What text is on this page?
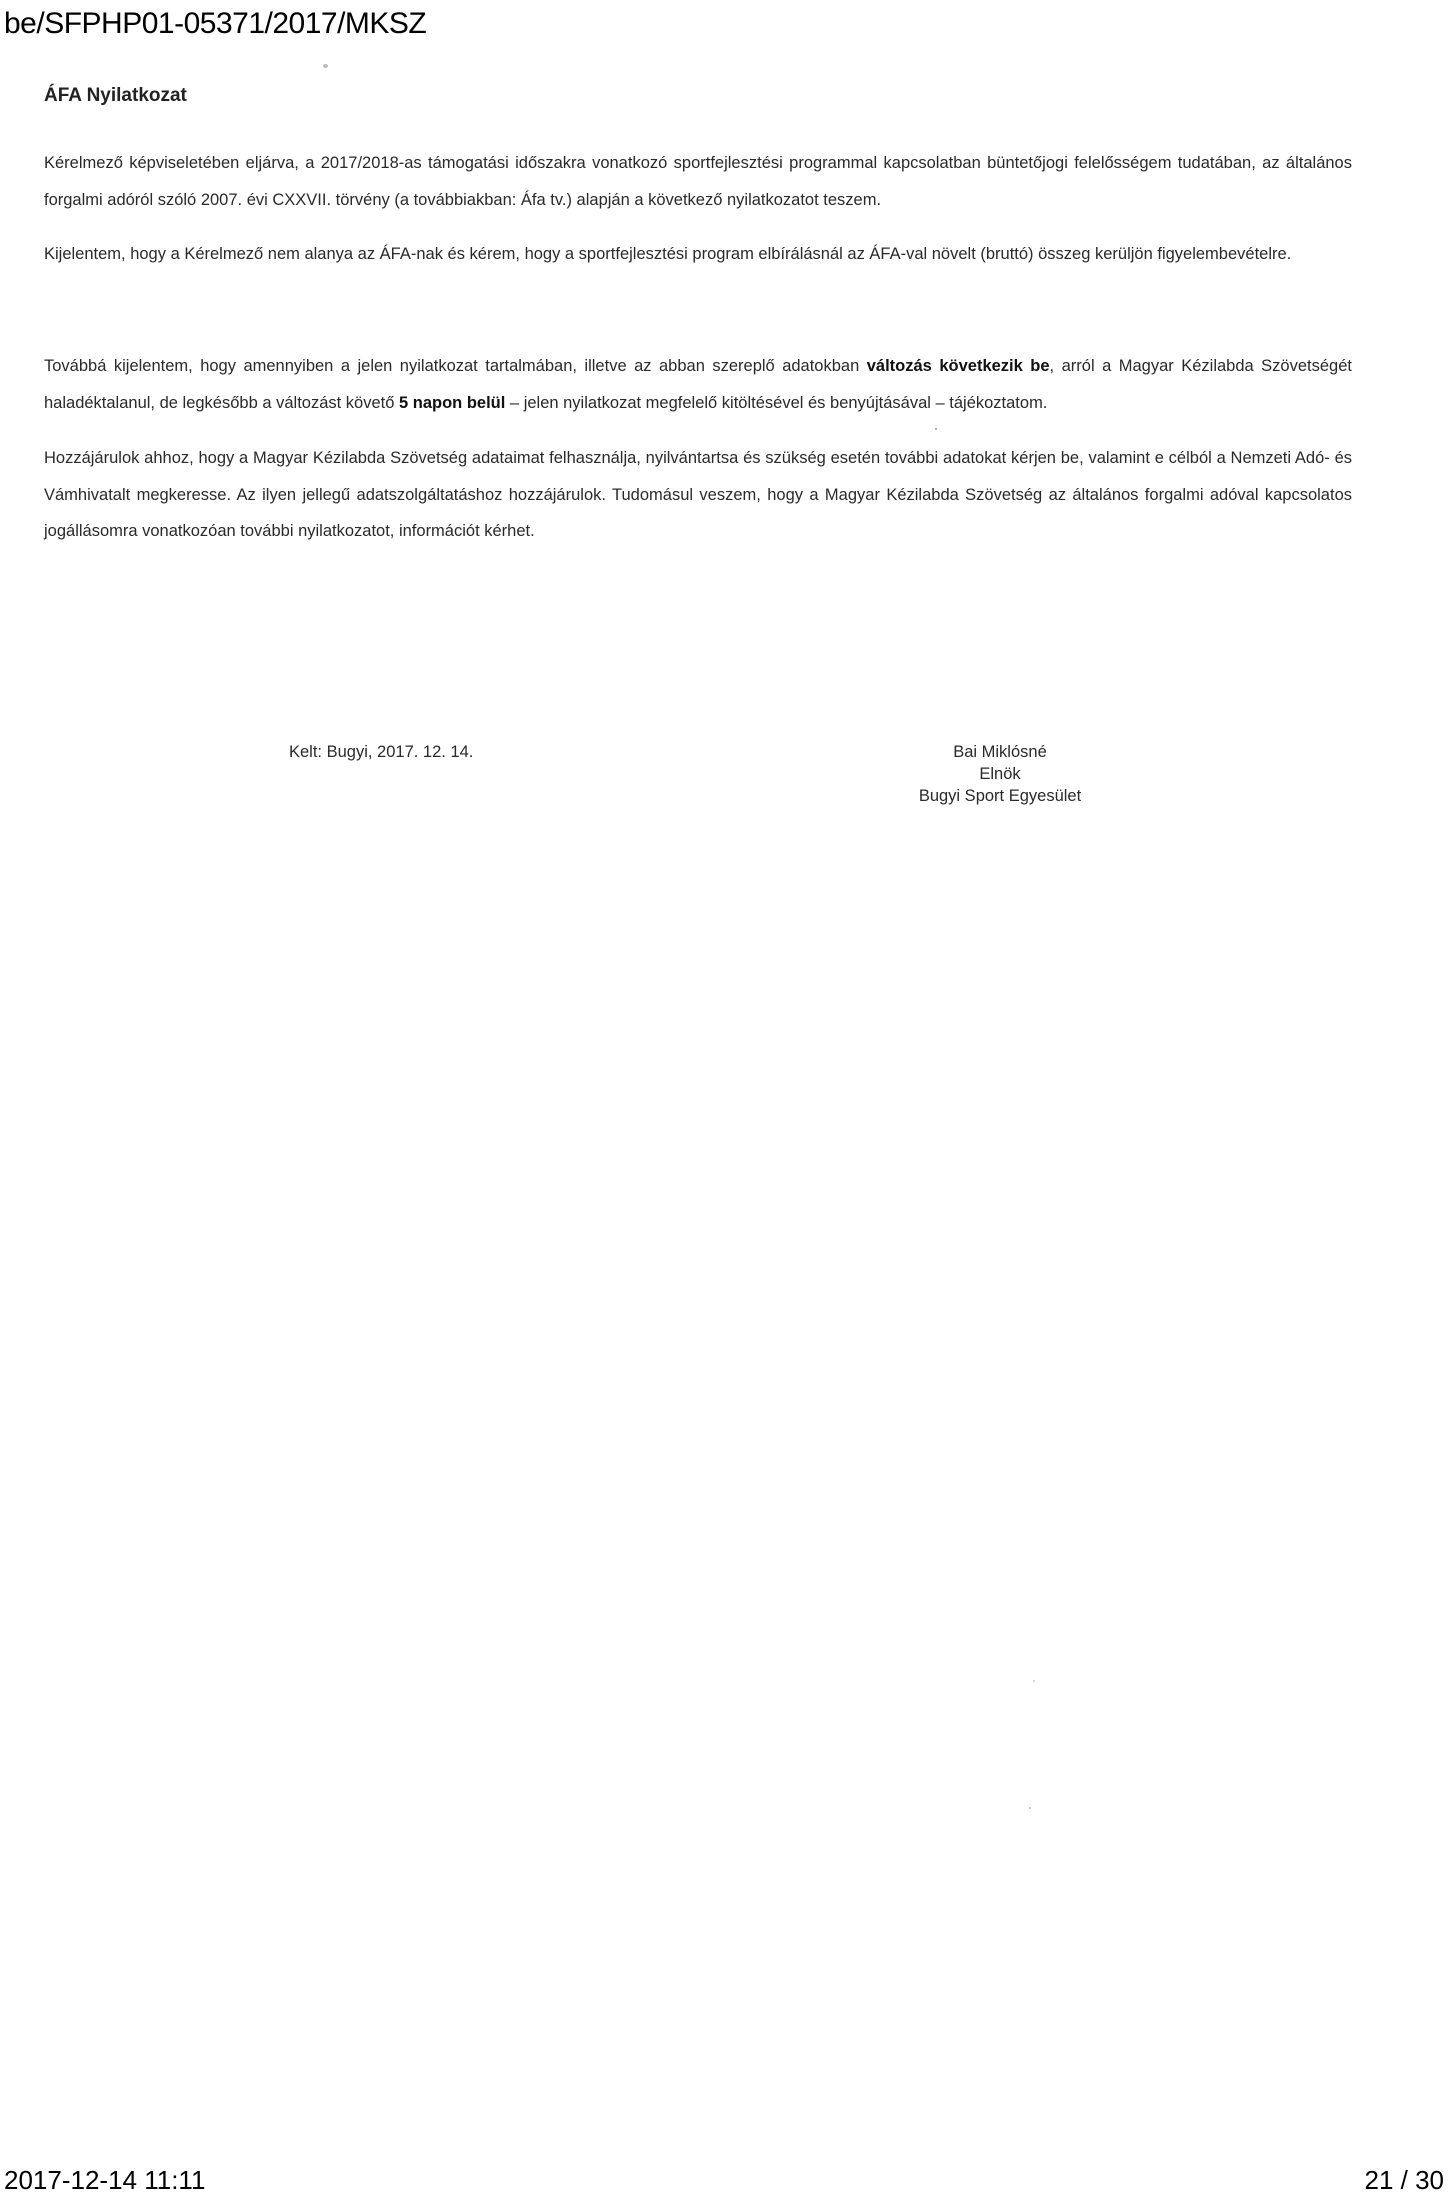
be/SFPHP01-05371/2017/MKSZ
ÁFA Nyilatkozat
Kérelmező képviseletében eljárva, a 2017/2018-as támogatási időszakra vonatkozó sportfejlesztési programmal kapcsolatban büntetőjogi felelősségem tudatában, az általános forgalmi adóról szóló 2007. évi CXXVII. törvény (a továbbiakban: Áfa tv.) alapján a következő nyilatkozatot teszem.
Kijelentem, hogy a Kérelmező nem alanya az ÁFA-nak és kérem, hogy a sportfejlesztési program elbírálásnál az ÁFA-val növelt (bruttó) összeg kerüljön figyelembevételre.
Továbbá kijelentem, hogy amennyiben a jelen nyilatkozat tartalmában, illetve az abban szereplő adatokban változás következik be, arról a Magyar Kézilabda Szövetségét haladéktalanul, de legkésőbb a változást követő 5 napon belül – jelen nyilatkozat megfelelő kitöltésével és benyújtásával – tájékoztatom.
Hozzájárulok ahhoz, hogy a Magyar Kézilabda Szövetség adataimat felhasználja, nyilvántartsa és szükség esetén további adatokat kérjen be, valamint e célból a Nemzeti Adó- és Vámhivatalt megkeresse. Az ilyen jellegű adatszolgáltatáshoz hozzájárulok. Tudomásul veszem, hogy a Magyar Kézilabda Szövetség az általános forgalmi adóval kapcsolatos jogállásomra vonatkozóan további nyilatkozatot, információt kérhet.
Kelt: Bugyi, 2017. 12. 14.	Bai Miklósné
Elnök
Bugyi Sport Egyesület
2017-12-14 11:11	21 / 30
